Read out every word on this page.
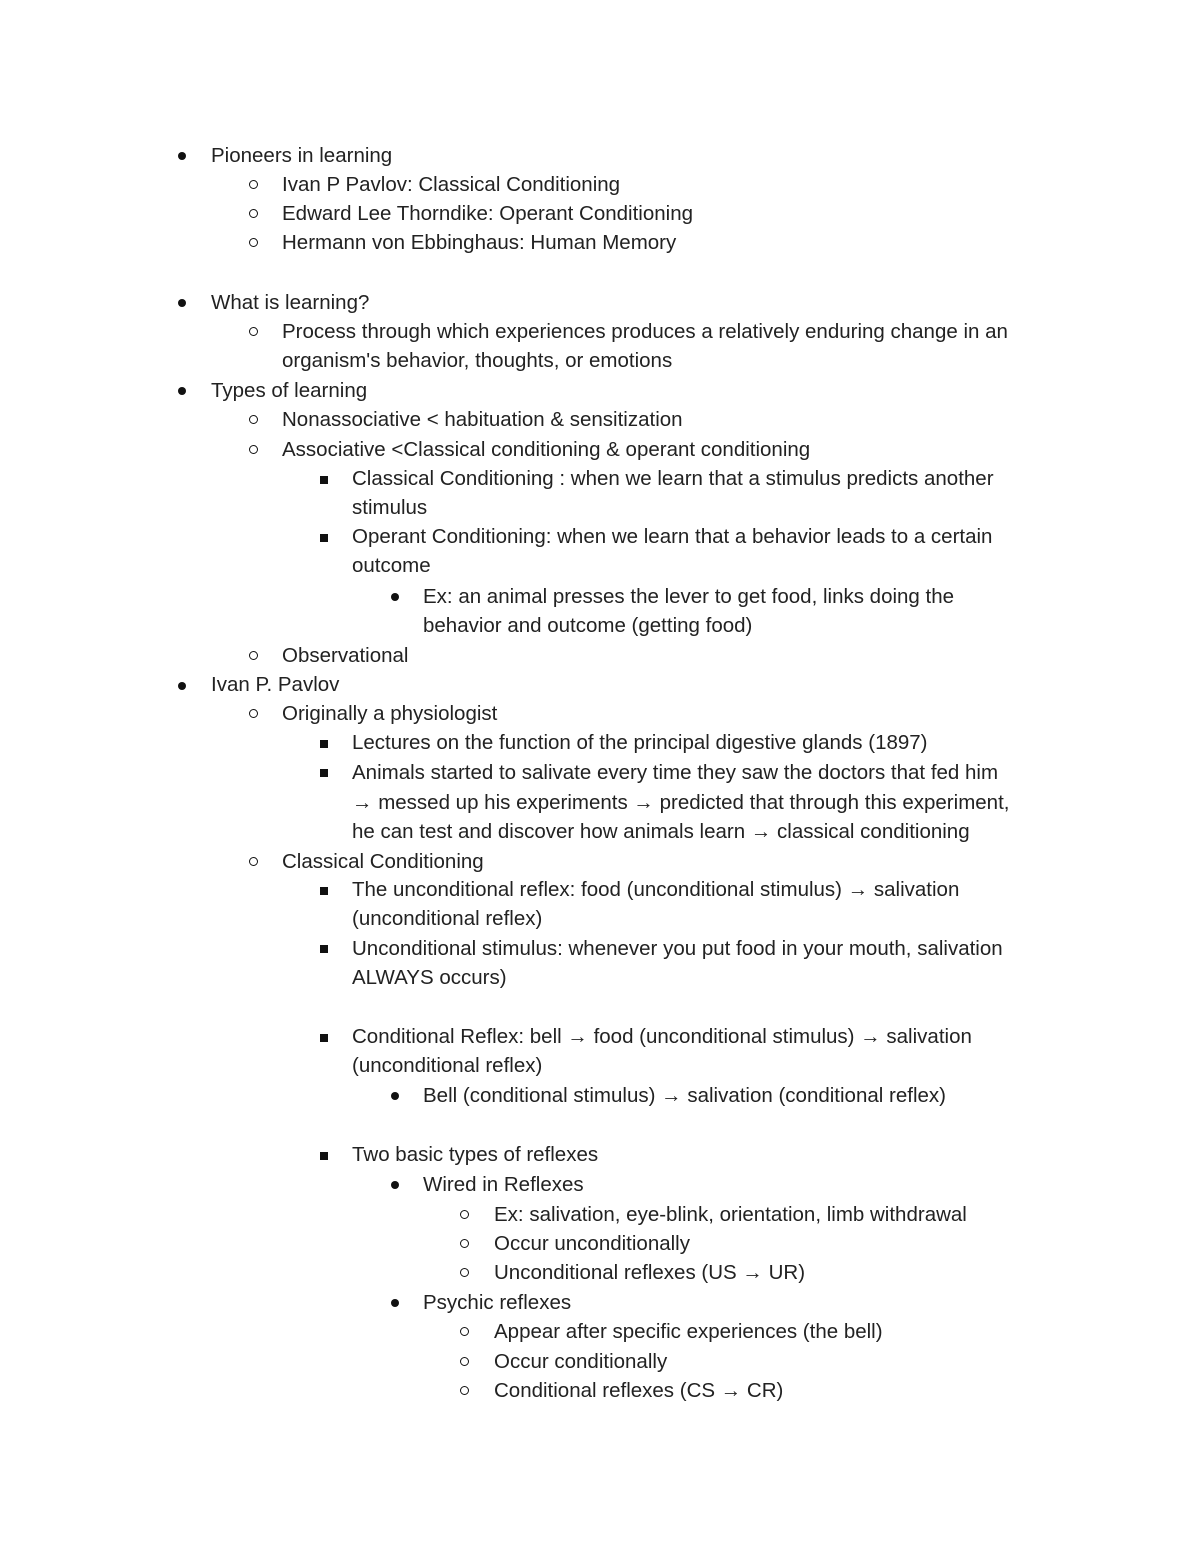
Pioneers in learning
Ivan P Pavlov: Classical Conditioning
Edward Lee Thorndike: Operant Conditioning
Hermann von Ebbinghaus: Human Memory
What is learning?
Process through which experiences produces a relatively enduring change in an
organism's behavior, thoughts, or emotions
Types of learning
Nonassociative < habituation & sensitization
Associative <Classical conditioning & operant conditioning
Classical Conditioning : when we learn that a stimulus predicts another
stimulus
Operant Conditioning: when we learn that a behavior leads to a certain
outcome
Ex: an animal presses the lever to get food, links doing the
behavior and outcome (getting food)
Observational
Ivan P. Pavlov
Originally a physiologist
Lectures on the function of the principal digestive glands (1897)
Animals started to salivate every time they saw the doctors that fed him
→ messed up his experiments → predicted that through this experiment,
he can test and discover how animals learn → classical conditioning
Classical Conditioning
The unconditional reflex: food (unconditional stimulus) → salivation
(unconditional reflex)
Unconditional stimulus: whenever you put food in your mouth, salivation
ALWAYS occurs)
Conditional Reflex: bell → food (unconditional stimulus) → salivation
(unconditional reflex)
Bell (conditional stimulus) → salivation (conditional reflex)
Two basic types of reflexes
Wired in Reflexes
Ex: salivation, eye-blink, orientation, limb withdrawal
Occur unconditionally
Unconditional reflexes (US → UR)
Psychic reflexes
Appear after specific experiences (the bell)
Occur conditionally
Conditional reflexes (CS → CR)
